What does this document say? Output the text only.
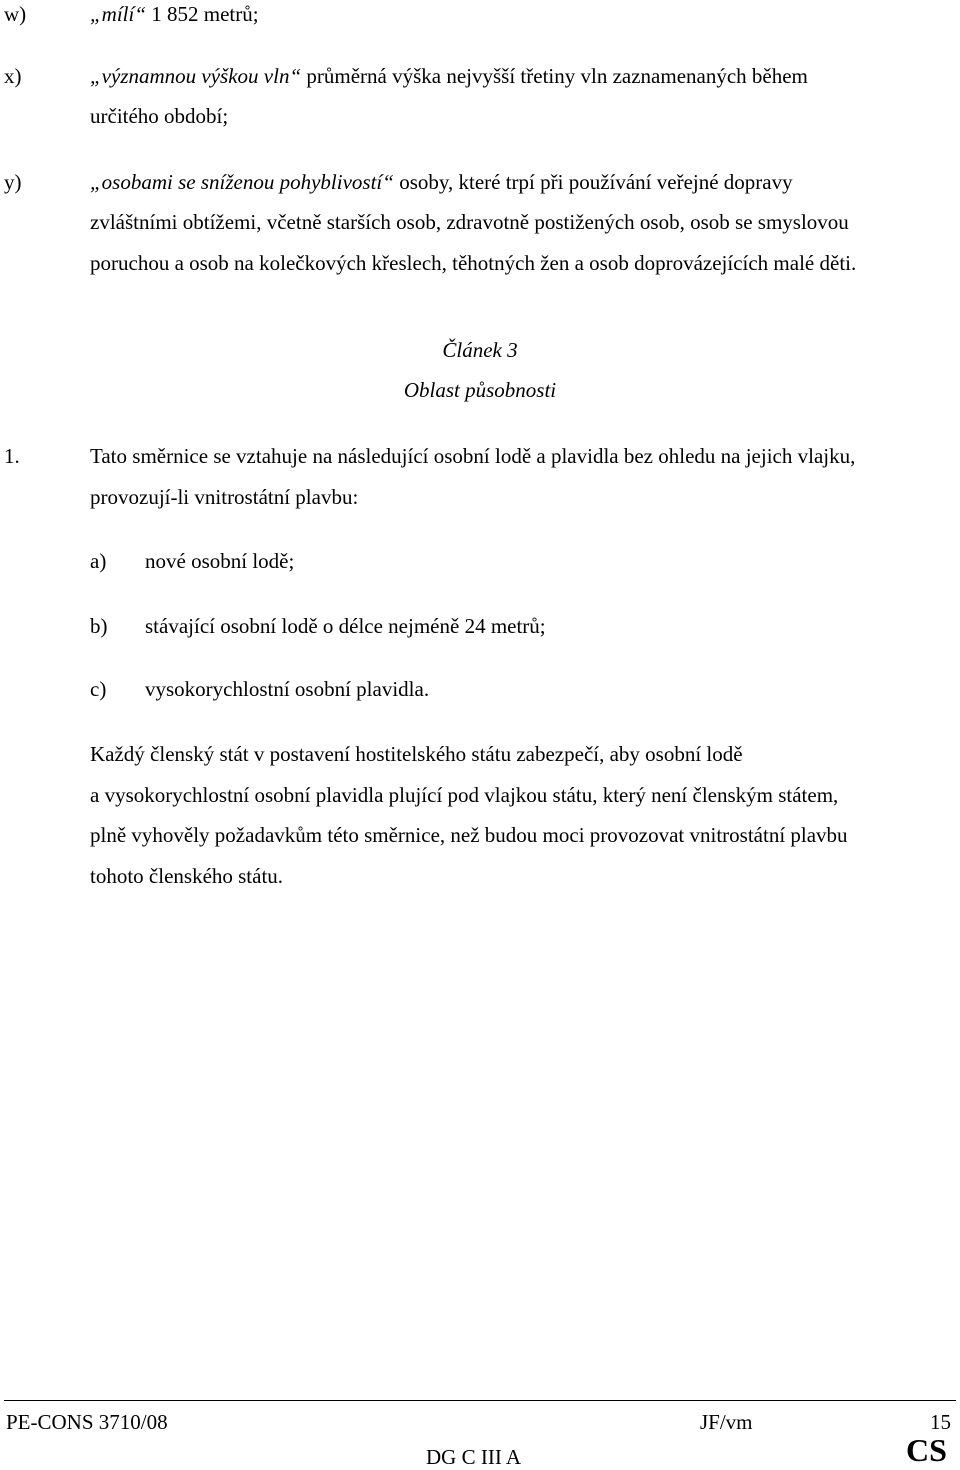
w)	„mílí“ 1 852 metrů;
x)	„významnou výškou vln“ průměrná výška nejvyšší třetiny vln zaznamenaných během
určitého období;
y)	„osobami se sníženou pohyblivostí“ osoby, které trpí při používání veřejné dopravy
zvláštními obtížemi, včetně starších osob, zdravotně postižených osob, osob se smyslovou
poruchou a osob na kolečkových křeslech, těhotných žen a osob doprovázejících malé děti.
Článek 3
Oblast působnosti
1.	Tato směrnice se vztahuje na následující osobní lodě a plavidla bez ohledu na jejich vlajku,
provozují-li vnitrostátní plavbu:
a) nové osobní lodě;
b) stávající osobní lodě o délce nejméně 24 metrů;
c) vysokorychlostní osobní plavidla.
Každý členský stát v postavení hostitelského státu zabezpečí, aby osobní lodě
a vysokorychlostní osobní plavidla plující pod vlajkou státu, který není členským státem,
plně vyhověly požadavkům této směrnice, než budou moci provozovat vnitrostátní plavbu
tohoto členského státu.
PE-CONS 3710/08	JF/vm	15
DG C III A	CS
